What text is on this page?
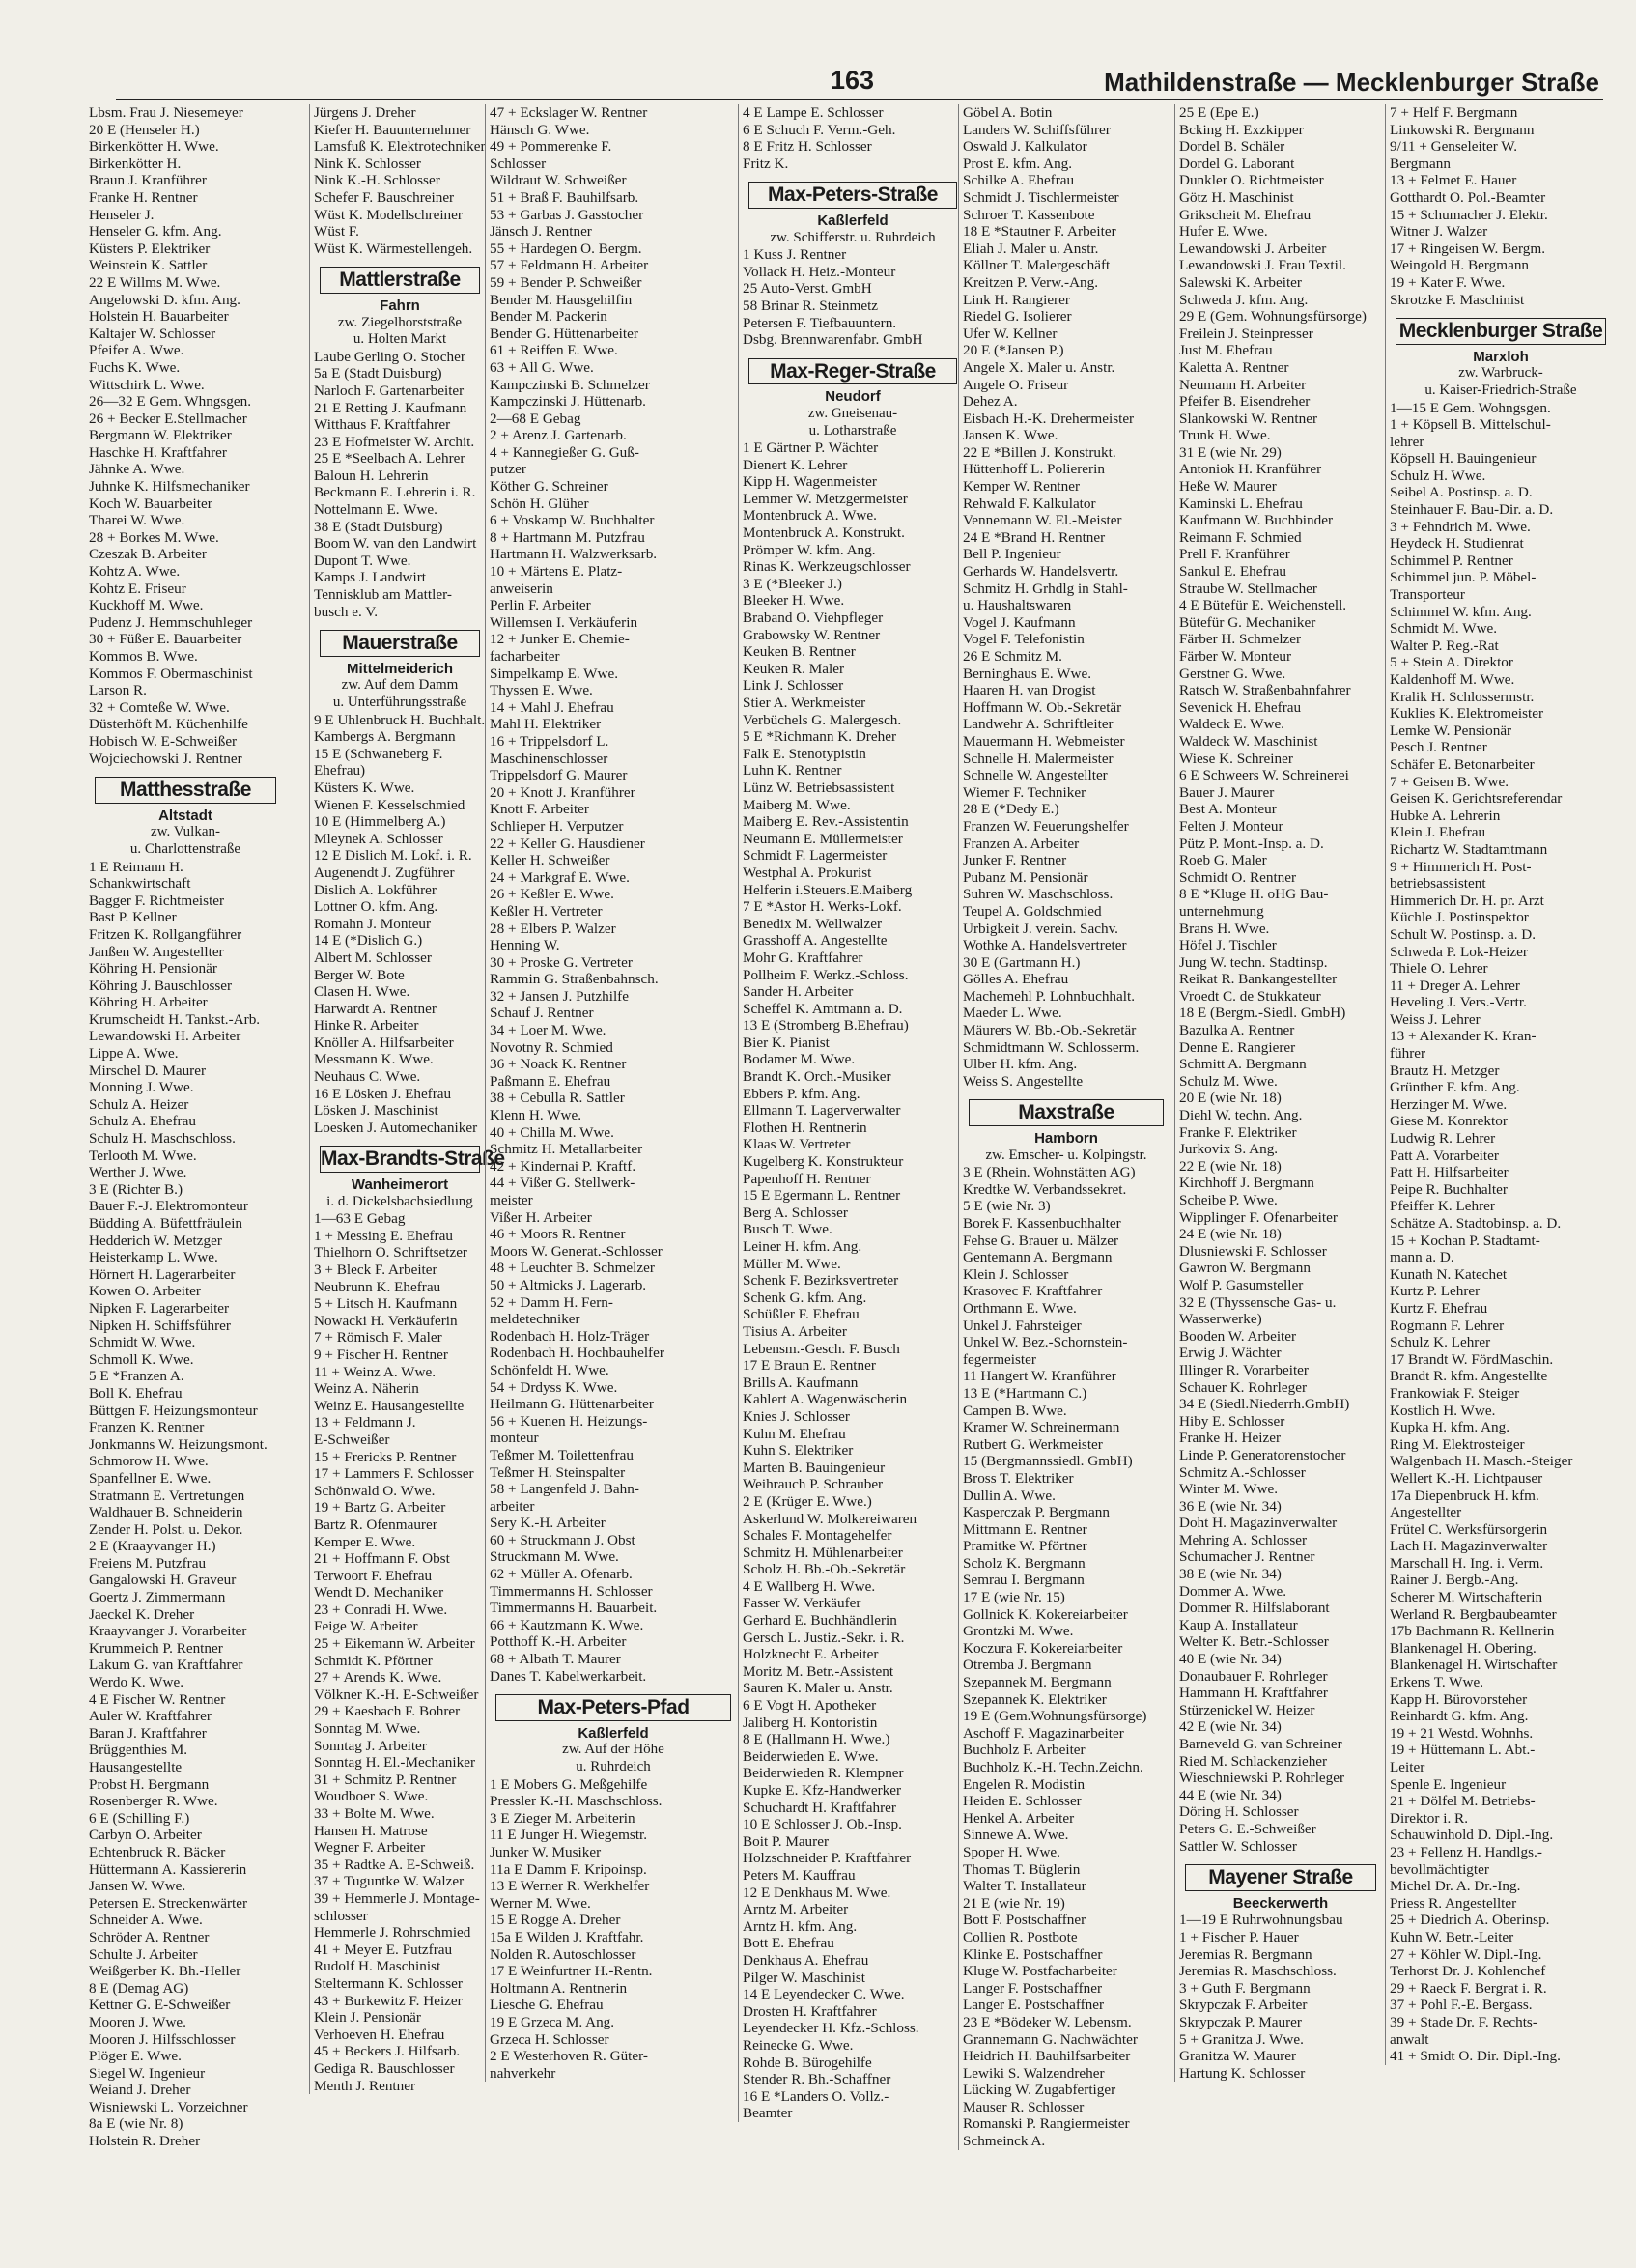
163	Mathildenstraße — Mecklenburger Straße
Lbsm. Frau J. Niesemeyer
20 E (Henseler H.)
Birkenkötter H. Wwe.
Birkenkötter H.
Braun J. Kranführer
Franke H. Rentner
Henseler J.
Henseler G. kfm. Ang.
Küsters P. Elektriker
Weinstein K. Sattler
22 E Willms M. Wwe.
Angelowski D. kfm. Ang.
Holstein H. Bauarbeiter
Kaltajer W. Schlosser
Pfeifer A. Wwe.
Fuchs K. Wwe.
Wittschirk L. Wwe.
26—32 E Gem. Whngsgen.
26 + Becker E.Stellmacher
Bergmann W. Elektriker
Haschke H. Kraftfahrer
Jähnke A. Wwe.
Juhnke K. Hilfsmechaniker
Koch W. Bauarbeiter
Tharei W. Wwe.
28 + Borkes M. Wwe.
Czeszak B. Arbeiter
Kohtz A. Wwe.
Kohtz E. Friseur
Kuckhoff M. Wwe.
Pudenz J. Hemmschuhleger
30 + Füßer E. Bauarbeiter
Kommos B. Wwe.
Kommos F. Obermaschinist
Larson R.
32 + Comteße W. Wwe.
Düsterhöft M. Küchenhilfe
Hobisch W. E-Schweißer
Wojciechowski J. Rentner
Matthesstraße
Altstadt
zw. Vulkan-
u. Charlottenstraße
1 E Reimann H.
Schankwirtschaft
Bagger F. Richtmeister
Bast P. Kellner
Fritzen K. Rollgangführer
Janßen W. Angestellter
Köhring H. Pensionär
Köhring J. Bauschlosser
Köhring H. Arbeiter
Krumscheidt H. Tankst.-Arb.
Lewandowski H. Arbeiter
Lippe A. Wwe.
Mirschel D. Maurer
Monning J. Wwe.
Schulz A. Heizer
Schulz A. Ehefrau
Schulz H. Maschschloss.
Terlooth M. Wwe.
Werther J. Wwe.
3 E (Richter B.)
Bauer F.-J. Elektromonteur
Büdding A. Büfettfräulein
Hedderich W. Metzger
Heisterkamp L. Wwe.
Hörnert H. Lagerarbeiter
Kowen O. Arbeiter
Nipken F. Lagerarbeiter
Nipken H. Schiffsführer
Schmidt W. Wwe.
Schmoll K. Wwe.
5 E *Franzen A.
Boll K. Ehefrau
Büttgen F. Heizungsmonteur
Franzen K. Rentner
Jonkmanns W. Heizungsmont.
Schmorow H. Wwe.
Spanfellner E. Wwe.
Stratmann E. Vertretungen
Waldhauer B. Schneiderin
Zender H. Polst. u. Dekor.
2 E (Kraayvanger H.)
Freiens M. Putzfrau
Gangalowski H. Graveur
Goertz J. Zimmermann
Jaeckel K. Dreher
Kraayvanger J. Vorarbeiter
Krummeich P. Rentner
Lakum G. van Kraftfahrer
Werdo K. Wwe.
4 E Fischer W. Rentner
Auler W. Kraftfahrer
Baran J. Kraftfahrer
Brüggenthies M.
Hausangestellte
Probst H. Bergmann
Rosenberger R. Wwe.
6 E (Schilling F.)
Carbyn O. Arbeiter
Echtenbruck R. Bäcker
Hüttermann A. Kassiererin
Jansen W. Wwe.
Petersen E. Streckenwärter
Schneider A. Wwe.
Schröder A. Rentner
Schulte J. Arbeiter
Weißgerber K. Bh.-Heller
8 E (Demag AG)
Kettner G. E-Schweißer
Mooren J. Wwe.
Mooren J. Hilfsschlosser
Plöger E. Wwe.
Siegel W. Ingenieur
Weiand J. Dreher
Wisniewski L. Vorzeichner
8a E (wie Nr. 8)
Holstein R. Dreher
Jürgens J. Dreher
Kiefer H. Bauunternehmer
Lamsfuß K. Elektrotechniker
Nink K. Schlosser
Nink K.-H. Schlosser
Schefer F. Bauschreiner
Wüst K. Modellschreiner
Wüst F.
Wüst K. Wärmestellengeh.
Mattlerstraße
Fahrn
zw. Ziegelhorststraße
u. Holten Markt
Laube Gerling O. Stocher
5a E (Stadt Duisburg)
Narloch F. Gartenarbeiter
21 E Retting J. Kaufmann
Witthaus F. Kraftfahrer
23 E Hofmeister W. Archit.
25 E *Seelbach A. Lehrer
Baloun H. Lehrerin
Beckmann E. Lehrerin i. R.
Nottelmann E. Wwe.
38 E (Stadt Duisburg)
Boom W. van den Landwirt
Dupont T. Wwe.
Kamps J. Landwirt
Tennisklub am Mattler-
busch e. V.
Mauerstraße
Mittelmeiderich
zw. Auf dem Damm
u. Unterführungsstraße
9 E Uhlenbruck H. Buchhalt.
Kambergs A. Bergmann
15 E (Schwaneberg F.
Ehefrau)
Küsters K. Wwe.
Wienen F. Kesselschmied
10 E (Himmelberg A.)
Mleynek A. Schlosser
12 E Dislich M. Lokf. i. R.
Augenendt J. Zugführer
Dislich A. Lokführer
Lottner O. kfm. Ang.
Romahn J. Monteur
14 E (*Dislich G.)
Albert M. Schlosser
Berger W. Bote
Clasen H. Wwe.
Harwardt A. Rentner
Hinke R. Arbeiter
Knöller A. Hilfsarbeiter
Messmann K. Wwe.
Neuhaus C. Wwe.
16 E Lösken J. Ehefrau
Lösken J. Maschinist
Loesken J. Automechaniker
Max-Brandts-Straße
Wanheimerort
i. d. Dickelsbachsiedlung
1—63 E Gebag
1 + Messing E. Ehefrau
Thielhorn O. Schriftsetzer
3 + Bleck F. Arbeiter
Neubrunn K. Ehefrau
5 + Litsch H. Kaufmann
Nowacki H. Verkäuferin
7 + Römisch F. Maler
9 + Fischer H. Rentner
11 + Weinz A. Wwe.
Weinz A. Näherin
Weinz E. Hausangestellte
13 + Feldmann J.
E-Schweißer
15 + Frericks P. Rentner
17 + Lammers F. Schlosser
Schönwald O. Wwe.
19 + Bartz G. Arbeiter
Bartz R. Ofenmaurer
Kemper E. Wwe.
21 + Hoffmann F. Obst
Terwoort F. Ehefrau
Wendt D. Mechaniker
23 + Conradi H. Wwe.
Feige W. Arbeiter
25 + Eikemann W. Arbeiter
Schmidt K. Pförtner
27 + Arends K. Wwe.
Völkner K.-H. E-Schweißer
29 + Kaesbach F. Bohrer
Sonntag M. Wwe.
Sonntag J. Arbeiter
Sonntag H. El.-Mechaniker
31 + Schmitz P. Rentner
Woudboer S. Wwe.
33 + Bolte M. Wwe.
Hansen H. Matrose
Wegner F. Arbeiter
35 + Radtke A. E-Schweiß.
37 + Tuguntke W. Walzer
39 + Hemmerle J. Montage-
schlosser
Hemmerle J. Rohrschmied
41 + Meyer E. Putzfrau
Rudolf H. Maschinist
Steltermann K. Schlosser
43 + Burkewitz F. Heizer
Klein J. Pensionär
Verhoeven H. Ehefrau
45 + Beckers J. Hilfsarb.
Gediga R. Bauschlosser
Menth J. Rentner
47 + Eckslager W. Rentner
Hänsch G. Wwe.
49 + Pommerenke F.
Schlosser
Wildraut W. Schweißer
51 + Braß F. Bauhilfsarb.
53 + Garbas J. Gasstocher
Jänsch J. Rentner
55 + Hardegen O. Bergm.
57 + Feldmann H. Arbeiter
59 + Bender P. Schweißer
Bender M. Hausgehilfin
Bender M. Packerin
Bender G. Hüttenarbeiter
61 + Reiffen E. Wwe.
63 + All G. Wwe.
Kampczinski B. Schmelzer
Kampczinski J. Hüttenarb.
2—68 E Gebag
2 + Arenz J. Gartenarb.
4 + Kannegießer G. Guß-
putzer
Köther G. Schreiner
Schön H. Glüher
6 + Voskamp W. Buchhalter
8 + Hartmann M. Putzfrau
Hartmann H. Walzwerksarb.
10 + Märtens E. Platz-
anweiserin
Perlin F. Arbeiter
Willemsen I. Verkäuferin
12 + Junker E. Chemie-
facharbeiter
Simpelkamp E. Wwe.
Thyssen E. Wwe.
14 + Mahl J. Ehefrau
Mahl H. Elektriker
16 + Trippelsdorf L.
Maschinenschlosser
Trippelsdorf G. Maurer
20 + Knott J. Kranführer
Knott F. Arbeiter
Schlieper H. Verputzer
22 + Keller G. Hausdiener
Keller H. Schweißer
24 + Markgraf E. Wwe.
26 + Keßler E. Wwe.
Keßler H. Vertreter
28 + Elbers P. Walzer
Henning W.
30 + Proske G. Vertreter
Rammin G. Straßenbahnsch.
32 + Jansen J. Putzhilfe
Schauf J. Rentner
34 + Loer M. Wwe.
Novotny R. Schmied
36 + Noack K. Rentner
Paßmann E. Ehefrau
38 + Cebulla R. Sattler
Klenn H. Wwe.
40 + Chilla M. Wwe.
Schmitz H. Metallarbeiter
42 + Kindernai P. Kraftf.
44 + Vißer G. Stellwerk-
meister
Vißer H. Arbeiter
46 + Moors R. Rentner
Moors W. Generat.-Schlosser
48 + Leuchter B. Schmelzer
50 + Altmicks J. Lagerarb.
52 + Damm H. Fern-
meldetechniker
Rodenbach H. Holz-Träger
Rodenbach H. Hochbauhelfer
Schönfeldt H. Wwe.
54 + Drdyss K. Wwe.
Heilmann G. Hüttenarbeiter
56 + Kuenen H. Heizungs-
monteur
Teßmer M. Toilettenfrau
Teßmer H. Steinspalter
58 + Langenfeld J. Bahn-
arbeiter
Sery K.-H. Arbeiter
60 + Struckmann J. Obst
Struckmann M. Wwe.
62 + Müller A. Ofenarb.
Timmermanns H. Schlosser
Timmermanns H. Bauarbeit.
66 + Kautzmann K. Wwe.
Potthoff K.-H. Arbeiter
68 + Albath T. Maurer
Danes T. Kabelwerkarbeit.
Max-Peters-Pfad
Kaßlerfeld
zw. Auf der Höhe
u. Ruhrdeich
1 E Mobers G. Meßgehilfe
Pressler K.-H. Maschschloss.
3 E Zieger M. Arbeiterin
11 E Junger H. Wiegemstr.
Junker W. Musiker
11a E Damm F. Kripoinsp.
13 E Werner R. Werkhelfer
Werner M. Wwe.
15 E Rogge A. Dreher
15a E Wilden J. Kraftfahr.
Nolden R. Autoschlosser
17 E Weinfurtner H.-Rentn.
Holtmann A. Rentnerin
Liesche G. Ehefrau
19 E Grzeca M. Ang.
Grzeca H. Schlosser
2 E Westerhoven R. Güter-
nahverkehr
4 E Lampe E. Schlosser
6 E Schuch F. Verm.-Geh.
8 E Fritz H. Schlosser
Fritz K.
Max-Peters-Straße
Kaßlerfeld
zw. Schifferstr. u. Ruhrdeich
1 Kuss J. Rentner
Vollack H. Heiz.-Monteur
25 Auto-Verst. GmbH
58 Brinar R. Steinmetz
Petersen F. Tiefbauuntern.
Dsbg. Brennwarenfabr. GmbH
Max-Reger-Straße
Neudorf
zw. Gneisenau-
u. Lotharstraße
1 E Gärtner P. Wächter
Dienert K. Lehrer
Kipp H. Wagenmeister
Lemmer W. Metzgermeister
Montenbruck A. Wwe.
Montenbruck A. Konstrukt.
Prömper W. kfm. Ang.
Rinas K. Werkzeugschlosser
3 E (*Bleeker J.)
Bleeker H. Wwe.
Braband O. Viehpfleger
Grabowsky W. Rentner
Keuken B. Rentner
Keuken R. Maler
Link J. Schlosser
Stier A. Werkmeister
Verbüchels G. Malergesch.
5 E *Richmann K. Dreher
Falk E. Stenotypistin
Luhn K. Rentner
Lünz W. Betriebsassistent
Maiberg M. Wwe.
Maiberg E. Rev.-Assistentin
Neumann E. Müllermeister
Schmidt F. Lagermeister
Westphal A. Prokurist
Helferin i.Steuers.E.Maiberg
7 E *Astor H. Werks-Lokf.
Benedix M. Wellwalzer
Grasshoff A. Angestellte
Mohr G. Kraftfahrer
Pollheim F. Werkz.-Schloss.
Sander H. Arbeiter
Scheffel K. Amtmann a. D.
13 E (Stromberg B.Ehefrau)
Bier K. Pianist
Bodamer M. Wwe.
Brandt K. Orch.-Musiker
Ebbers P. kfm. Ang.
Ellmann T. Lagerverwalter
Flothen H. Rentnerin
Klaas W. Vertreter
Kugelberg K. Konstrukteur
Papenhoff H. Rentner
15 E Egermann L. Rentner
Berg A. Schlosser
Busch T. Wwe.
Leiner H. kfm. Ang.
Müller M. Wwe.
Schenk F. Bezirksvertreter
Schenk G. kfm. Ang.
Schüßler F. Ehefrau
Tisius A. Arbeiter
Lebensm.-Gesch. F. Busch
17 E Braun E. Rentner
Brills A. Kaufmann
Kahlert A. Wagenwäscherin
Knies J. Schlosser
Kuhn M. Ehefrau
Kuhn S. Elektriker
Marten B. Bauingenieur
Weihrauch P. Schrauber
2 E (Krüger E. Wwe.)
Askerlund W. Molkereiwaren
Schales F. Montagehelfer
Schmitz H. Mühlenarbeiter
Scholz H. Bb.-Ob.-Sekretär
4 E Wallberg H. Wwe.
Fasser W. Verkäufer
Gerhard E. Buchhändlerin
Gersch L. Justiz.-Sekr. i. R.
Holzknecht E. Arbeiter
Moritz M. Betr.-Assistent
Sauren K. Maler u. Anstr.
6 E Vogt H. Apotheker
Jaliberg H. Kontoristin
8 E (Hallmann H. Wwe.)
Beiderwieden E. Wwe.
Beiderwieden R. Klempner
Kupke E. Kfz-Handwerker
Schuchardt H. Kraftfahrer
10 E Schlosser J. Ob.-Insp.
Boit P. Maurer
Holzschneider P. Kraftfahrer
Peters M. Kauffrau
12 E Denkhaus M. Wwe.
Arntz M. Arbeiter
Arntz H. kfm. Ang.
Bott E. Ehefrau
Denkhaus A. Ehefrau
Pilger W. Maschinist
14 E Leyendecker C. Wwe.
Drosten H. Kraftfahrer
Leyendecker H. Kfz.-Schloss.
Reinecke G. Wwe.
Rohde B. Bürogehilfe
Stender R. Bh.-Schaffner
16 E *Landers O. Vollz.-
Beamter
Göbel A. Botin
Landers W. Schiffsführer
Oswald J. Kalkulator
Prost E. kfm. Ang.
Schilke A. Ehefrau
Schmidt J. Tischlermeister
Schroer T. Kassenbote
18 E *Stautner F. Arbeiter
Eliah J. Maler u. Anstr.
Köllner T. Malergeschäft
Kreitzen P. Verw.-Ang.
Link H. Rangierer
Riedel G. Isolierer
Ufer W. Kellner
20 E (*Jansen P.)
Angele X. Maler u. Anstr.
Angele O. Friseur
Dehez A.
Eisbach H.-K. Drehermeister
Jansen K. Wwe.
22 E *Billen J. Konstrukt.
Hüttenhoff L. Poliererin
Kemper W. Rentner
Rehwald F. Kalkulator
Vennemann W. El.-Meister
24 E *Brand H. Rentner
Bell P. Ingenieur
Gerhards W. Handelsvertr.
Schmitz H. Grhdlg in Stahl-
u. Haushaltswaren
Vogel J. Kaufmann
Vogel F. Telefonistin
26 E Schmitz M.
Berninghaus E. Wwe.
Haaren H. van Drogist
Hoffmann W. Ob.-Sekretär
Landwehr A. Schriftleiter
Mauermann H. Webmeister
Schnelle H. Malermeister
Schnelle W. Angestellter
Wiemer F. Techniker
28 E (*Dedy E.)
Franzen W. Feuerungshelfer
Franzen A. Arbeiter
Junker F. Rentner
Pubanz M. Pensionär
Suhren W. Maschschloss.
Teupel A. Goldschmied
Urbigkeit J. verein. Sachv.
Wothke A. Handelsvertreter
30 E (Gartmann H.)
Gölles A. Ehefrau
Machemehl P. Lohnbuchhalt.
Maeder L. Wwe.
Mäurers W. Bb.-Ob.-Sekretär
Schmidtmann W. Schlosserm.
Ulber H. kfm. Ang.
Weiss S. Angestellte
Maxstraße
Hamborn
zw. Emscher- u. Kolpingstr.
3 E (Rhein. Wohnstätten AG)
Kredtke W. Verbandssekret.
5 E (wie Nr. 3)
Borek F. Kassenbuchhalter
Fehse G. Brauer u. Mälzer
Gentemann A. Bergmann
Klein J. Schlosser
Krasovec F. Kraftfahrer
Orthmann E. Wwe.
Unkel J. Fahrsteiger
Unkel W. Bez.-Schornstein-
fegermeister
11 Hangert W. Kranführer
13 E (*Hartmann C.)
Campen B. Wwe.
Kramer W. Schreinermann
Rutbert G. Werkmeister
15 (Bergmannssiedl. GmbH)
Bross T. Elektriker
Dullin A. Wwe.
Kasperczak P. Bergmann
Mittmann E. Rentner
Pramitke W. Pförtner
Scholz K. Bergmann
Semrau I. Bergmann
17 E (wie Nr. 15)
Gollnick K. Kokereiarbeiter
Grontzki M. Wwe.
Koczura F. Kokereiarbeiter
Otremba J. Bergmann
Szepannek M. Bergmann
Szepannek K. Elektriker
19 E (Gem.Wohnungsfürsorge)
Aschoff F. Magazinarbeiter
Buchholz F. Arbeiter
Buchholz K.-H. Techn.Zeichn.
Engelen R. Modistin
Heiden E. Schlosser
Henkel A. Arbeiter
Sinnewe A. Wwe.
Spoper H. Wwe.
Thomas T. Büglerin
Walter T. Installateur
21 E (wie Nr. 19)
Bott F. Postschaffner
Collien R. Postbote
Klinke E. Postschaffner
Kluge W. Postfacharbeiter
Langer F. Postschaffner
Langer E. Postschaffner
23 E *Bödeker W. Lebensm.
Grannemann G. Nachwächter
Heidrich H. Bauhilfsarbeiter
Lewiki S. Walzendreher
Lücking W. Zugabfertiger
Mauser R. Schlosser
Romanski P. Rangiermeister
Schmeinck A.
25 E (Epe E.)
Bcking H. Exzkipper
Dordel B. Schäler
Dordel G. Laborant
Dunkler O. Richtmeister
Götz H. Maschinist
Grikscheit M. Ehefrau
Hufer E. Wwe.
Lewandowski J. Arbeiter
Lewandowski J. Frau Textil.
Salewski K. Arbeiter
Schweda J. kfm. Ang.
29 E (Gem. Wohnungsfürsorge)
Freilein J. Steinpresser
Just M. Ehefrau
Kaletta A. Rentner
Neumann H. Arbeiter
Pfeifer B. Eisendreher
Slankowski W. Rentner
Trunk H. Wwe.
31 E (wie Nr. 29)
Antoniok H. Kranführer
Heße W. Maurer
Kaminski L. Ehefrau
Kaufmann W. Buchbinder
Reimann F. Schmied
Prell F. Kranführer
Sankul E. Ehefrau
Straube W. Stellmacher
4 E Bütefür E. Weichenstell.
Bütefür G. Mechaniker
Färber H. Schmelzer
Färber W. Monteur
Gerstner G. Wwe.
Ratsch W. Straßenbahnfahrer
Sevenick H. Ehefrau
Waldeck E. Wwe.
Waldeck W. Maschinist
Wiese K. Schreiner
6 E Schweers W. Schreinerei
Bauer J. Maurer
Best A. Monteur
Felten J. Monteur
Pütz P. Mont.-Insp. a. D.
Roeb G. Maler
Schmidt O. Rentner
8 E *Kluge H. oHG Bau-
unternehmung
Brans H. Wwe.
Höfel J. Tischler
Jung W. techn. Stadtinsp.
Reikat R. Bankangestellter
Vroedt C. de Stukkateur
18 E (Bergm.-Siedl. GmbH)
Bazulka A. Rentner
Denne E. Rangierer
Schmitt A. Bergmann
Schulz M. Wwe.
20 E (wie Nr. 18)
Diehl W. techn. Ang.
Franke F. Elektriker
Jurkovix S. Ang.
22 E (wie Nr. 18)
Kirchhoff J. Bergmann
Scheibe P. Wwe.
Wipplinger F. Ofenarbeiter
24 E (wie Nr. 18)
Dlusniewski F. Schlosser
Gawron W. Bergmann
Wolf P. Gasumsteller
32 E (Thyssensche Gas- u.
Wasserwerke)
Booden W. Arbeiter
Erwig J. Wächter
Illinger R. Vorarbeiter
Schauer K. Rohrleger
34 E (Siedl.Niederrh.GmbH)
Hiby E. Schlosser
Franke H. Heizer
Linde P. Generatorenstocher
Schmitz A.-Schlosser
Winter M. Wwe.
36 E (wie Nr. 34)
Doht H. Magazinverwalter
Mehring A. Schlosser
Schumacher J. Rentner
38 E (wie Nr. 34)
Dommer A. Wwe.
Dommer R. Hilfslaborant
Kaup A. Installateur
Welter K. Betr.-Schlosser
40 E (wie Nr. 34)
Donaubauer F. Rohrleger
Hammann H. Kraftfahrer
Stürzenickel W. Heizer
42 E (wie Nr. 34)
Barneveld G. van Schreiner
Ried M. Schlackenzieher
Wieschniewski P. Rohrleger
44 E (wie Nr. 34)
Döring H. Schlosser
Peters G. E.-Schweißer
Sattler W. Schlosser
Mayener Straße
Beeckerwerth
1—19 E Ruhrwohnungsbau
1 + Fischer P. Hauer
Jeremias R. Bergmann
Jeremias R. Maschschloss.
3 + Guth F. Bergmann
Skrypczak F. Arbeiter
Skrypczak P. Maurer
5 + Granitza J. Wwe.
Granitza W. Maurer
Hartung K. Schlosser
7 + Helf F. Bergmann
Linkowski R. Bergmann
9/11 + Genseleiter W.
Bergmann
13 + Felmet E. Hauer
Gotthardt O. Pol.-Beamter
15 + Schumacher J. Elektr.
Witner J. Walzer
17 + Ringeisen W. Bergm.
Weingold H. Bergmann
19 + Kater F. Wwe.
Skrotzke F. Maschinist
Mecklenburger Straße
Marxloh
zw. Warbruck-
u. Kaiser-Friedrich-Straße
1—15 E Gem. Wohngsgen.
1 + Köpsell B. Mittelschul-
lehrer
Köpsell H. Bauingenieur
Schulz H. Wwe.
Seibel A. Postinsp. a. D.
Steinhauer F. Bau-Dir. a. D.
3 + Fehndrich M. Wwe.
Heydeck H. Studienrat
Schimmel P. Rentner
Schimmel jun. P. Möbel-
Transporteur
Schimmel W. kfm. Ang.
Schmidt M. Wwe.
Walter P. Reg.-Rat
5 + Stein A. Direktor
Kaldenhoff M. Wwe.
Kralik H. Schlossermstr.
Kuklies K. Elektromeister
Lemke W. Pensionär
Pesch J. Rentner
Schäfer E. Betonarbeiter
7 + Geisen B. Wwe.
Geisen K. Gerichtsreferendar
Hubke A. Lehrerin
Klein J. Ehefrau
Richartz W. Stadtamtmann
9 + Himmerich H. Post-
betriebsassistent
Himmerich Dr. H. pr. Arzt
Küchle J. Postinspektor
Schult W. Postinsp. a. D.
Schweda P. Lok-Heizer
Thiele O. Lehrer
11 + Dreger A. Lehrer
Heveling J. Vers.-Vertr.
Weiss J. Lehrer
13 + Alexander K. Kran-
führer
Brautz H. Metzger
Grünther F. kfm. Ang.
Herzinger M. Wwe.
Giese M. Konrektor
Ludwig R. Lehrer
Patt A. Vorarbeiter
Patt H. Hilfsarbeiter
Peipe R. Buchhalter
Pfeiffer K. Lehrer
Schätze A. Stadtobinsp. a. D.
15 + Kochan P. Stadtamt-
mann a. D.
Kunath N. Katechet
Kurtz P. Lehrer
Kurtz F. Ehefrau
Rogmann F. Lehrer
Schulz K. Lehrer
17 Brandt W. FördMaschin.
Brandt R. kfm. Angestellte
Frankowiak F. Steiger
Kostlich H. Wwe.
Kupka H. kfm. Ang.
Ring M. Elektrosteiger
Walgenbach H. Masch.-Steiger
Wellert K.-H. Lichtpauser
17a Diepenbruck H. kfm.
Angestellter
Frütel C. Werksfürsorgerin
Lach H. Magazinverwalter
Marschall H. Ing. i. Verm.
Rainer J. Bergb.-Ang.
Scherer M. Wirtschafterin
Werland R. Bergbaubeamter
17b Bachmann R. Kellnerin
Blankenagel H. Obering.
Blankenagel H. Wirtschafter
Erkens T. Wwe.
Kapp H. Bürovorsteher
Reinhardt G. kfm. Ang.
19 + 21 Westd. Wohnhs.
19 + Hüttemann L. Abt.-
Leiter
Spenle E. Ingenieur
21 + Dölfel M. Betriebs-
Direktor i. R.
Schauwinhold D. Dipl.-Ing.
23 + Fellenz H. Handlgs.-
bevollmächtigter
Michel Dr. A. Dr.-Ing.
Priess R. Angestellter
25 + Diedrich A. Oberinsp.
Kuhn W. Betr.-Leiter
27 + Köhler W. Dipl.-Ing.
Terhorst Dr. J. Kohlenchef
29 + Raeck F. Bergrat i. R.
37 + Pohl F.-E. Bergass.
39 + Stade Dr. F. Rechts-
anwalt
41 + Smidt O. Dir. Dipl.-Ing.
